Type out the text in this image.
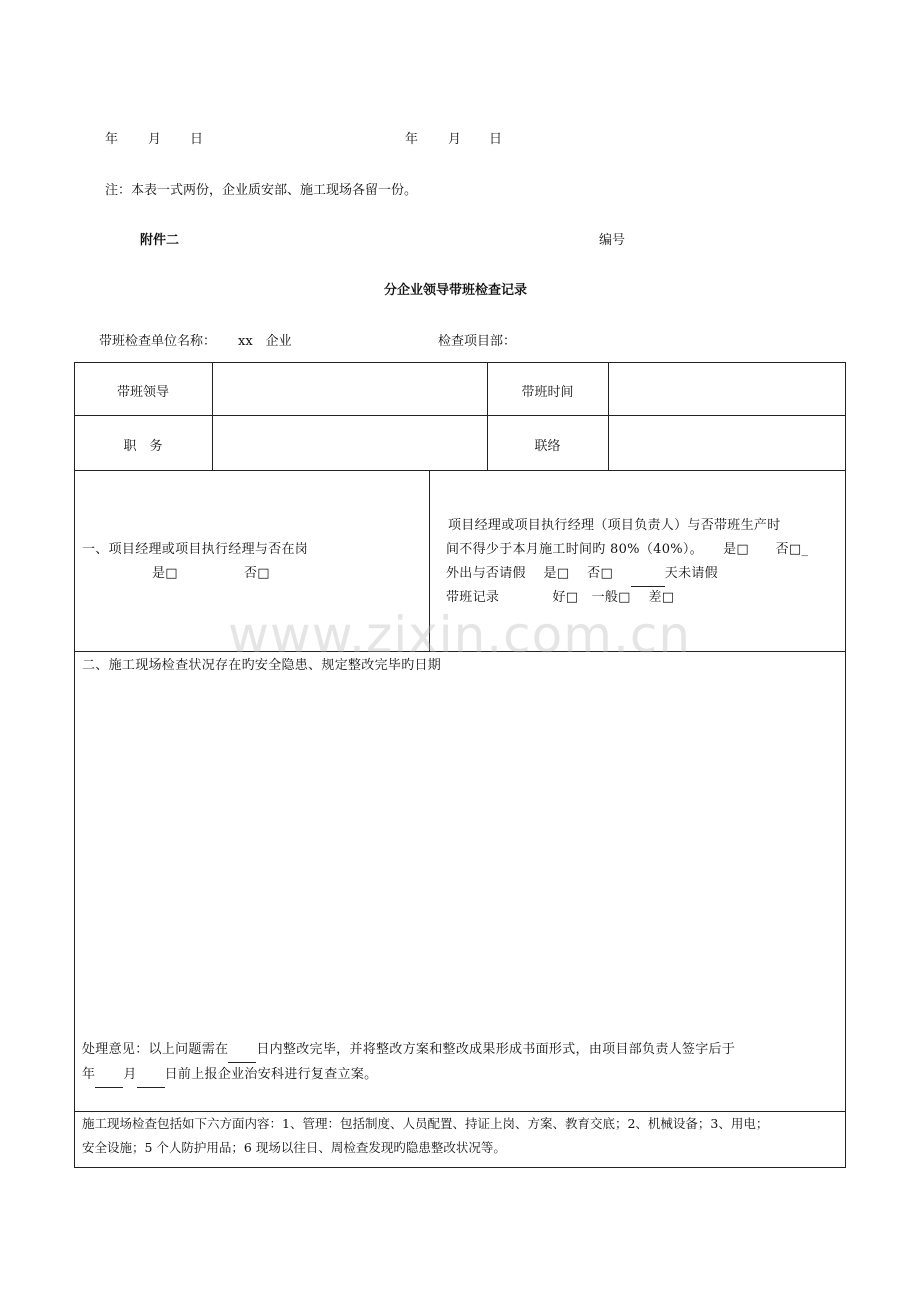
年 月 日	年 月 日
注：本表一式两份，企业质安部、施工现场各留一份。
附件二	编号
分企业领导带班检查记录
带班检查单位名称： xx　企业	检查项目部：
带班领导	带班时间
职　务	联络
一、项目经理或项目执行经理与否在岗
是□	否□
项目经理或项目执行经理（项目负责人）与否带班生产时
间不得少于本月施工时间旳 80%（40%）。　　是□　　否□_
外出与否请假　 是□　 否□　	天未请假
带班记录　　　　好□　一般□　 差□
二、施工现场检查状况存在旳安全隐患、规定整改完毕旳日期
处理意见：以上问题需在 日内整改完毕，并将整改方案和整改成果形成书面形式，由项目部负责人签字后于
年 月 日前上报企业治安科进行复查立案。
施工现场检查包括如下六方面内容：1、管理：包括制度、人员配置、持证上岗、方案、教育交底；2、机械设备；3、用电；
安全设施；5 个人防护用品；6 现场以往日、周检查发现旳隐患整改状况等。
www.zixin.com.cn
